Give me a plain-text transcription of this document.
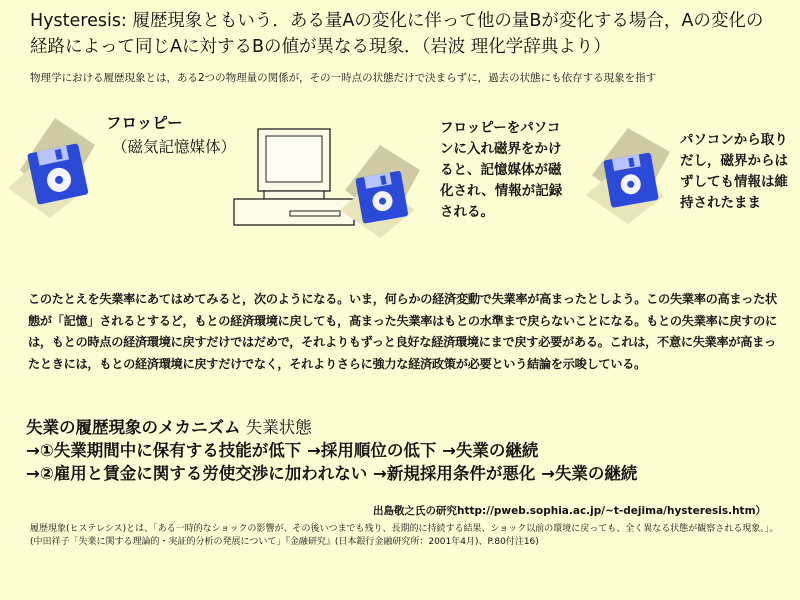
Hysteresis: 履歴現象ともいう．ある量Aの変化に伴って他の量Bが変化する場合，Aの変化の経路によって同じAに対するBの値が異なる現象．（岩波 理化学辞典より）
物理学における履歴現象とは，ある2つの物理量の関係が，その一時点の状態だけで決まらずに，過去の状態にも依存する現象を指す
フロッピー
（磁気記憶媒体）
フロッピーをパソコンに入れ磁界をかけると、記憶媒体が磁化され、情報が記録される。
パソコンから取りだし，磁界からはずしても情報は維持されたまま
このたとえを失業率にあてはめてみると，次のようになる。いま，何らかの経済変動で失業率が高まったとしよう。この失業率の高まった状態が「記憶」されるとするど，もとの経済環境に戻しても，高まった失業率はもとの水準まで戻らないことになる。もとの失業率に戻すのには，もとの時点の経済環境に戻すだけではだめで，それよりもずっと良好な経済環境にまで戻す必要がある。これは，不意に失業率が高まったときには，もとの経済環境に戻すだけでなく，それよりさらに強力な経済政策が必要という結論を示唆している。
失業の履歴現象のメカニズム 失業状態
→①失業期間中に保有する技能が低下 →採用順位の低下 →失業の継続
→②雇用と賃金に関する労使交渉に加われない →新規採用条件が悪化 →失業の継続
出島敬之氏の研究http://pweb.sophia.ac.jp/~t-dejima/hysteresis.htm）
履歴現象(ヒステレシス)とは、「ある一時的なショックの影響が、その後いつまでも残り、長期的に持続する結果、ショック以前の環境に戻っても、全く異なる状態が観察される現象。」。(中田祥子「失業に関する理論的・実証的分析の発展について」『金融研究』(日本銀行金融研究所：2001年4月)、P.80付注16)
